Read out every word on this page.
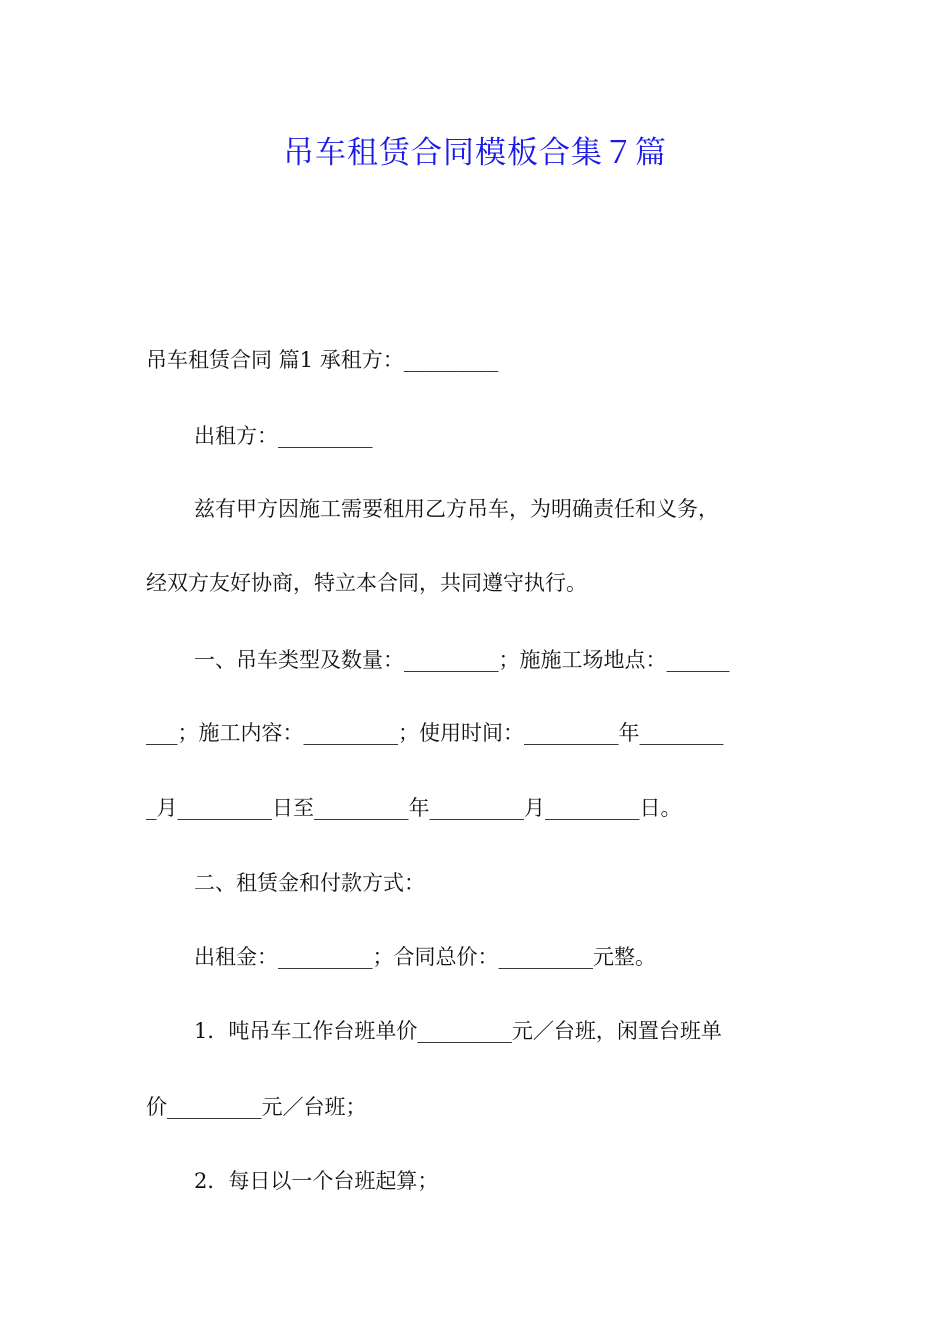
吊车租赁合同模板合集７篇
吊车租赁合同 篇1 承租方：_________
出租方：_________
兹有甲方因施工需要租用乙方吊车，为明确责任和义务，
经双方友好协商，特立本合同，共同遵守执行。
一、吊车类型及数量：_________；施施工场地点：______
___；施工内容：_________；使用时间：_________年________
_月_________日至_________年_________月_________日。
二、租赁金和付款方式：
出租金：_________；合同总价：_________元整。
1．吨吊车工作台班单价_________元／台班，闲置台班单
价_________元／台班；
2．每日以一个台班起算；
